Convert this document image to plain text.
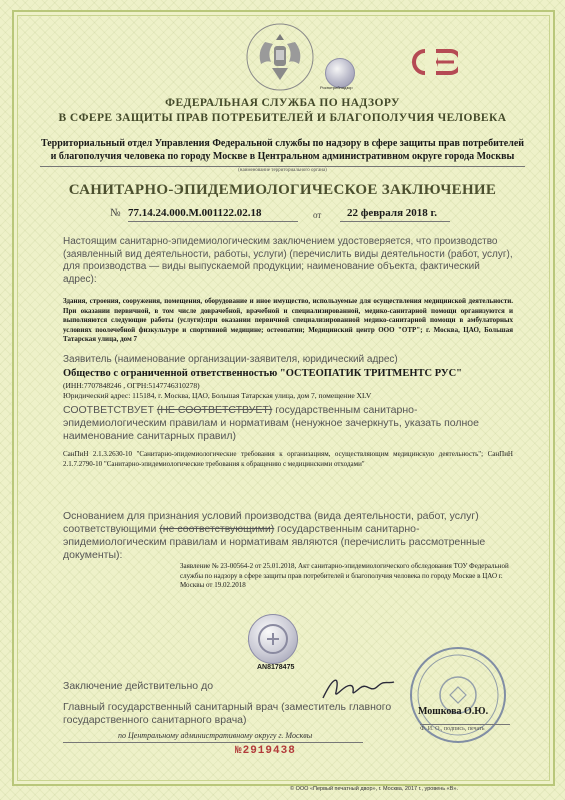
Роспотребнадзор
ФЕДЕРАЛЬНАЯ СЛУЖБА ПО НАДЗОРУ
В СФЕРЕ ЗАЩИТЫ ПРАВ ПОТРЕБИТЕЛЕЙ И БЛАГОПОЛУЧИЯ ЧЕЛОВЕКА
Территориальный отдел Управления Федеральной службы по надзору в сфере защиты прав потребителей и благополучия человека по городу Москве в Центральном административном округе города Москвы
(наименование территориального органа)
САНИТАРНО-ЭПИДЕМИОЛОГИЧЕСКОЕ ЗАКЛЮЧЕНИЕ
№ 77.14.24.000.М.001122.02.18	от 22 февраля 2018 г.
Настоящим санитарно-эпидемиологическим заключением удостоверяется, что производство (заявленный вид деятельности, работы, услуги) (перечислить виды деятельности (работ, услуг), для производства — виды выпускаемой продукции; наименование объекта, фактический адрес):
Здания, строения, сооружения, помещения, оборудование и иное имущество, используемые для осуществления медицинской деятельности. При оказании первичной, в том числе доврачебной, врачебной и специализированной, медико-санитарной помощи организуются и выполняются следующие работы (услуги):при оказании первичной специализированной медико-санитарной помощи в амбулаторных условиях поолечебной физкультуре и спортивной медицине; остеопатии; Медицинский центр ООО "ОТР"; г. Москва, ЦАО, Большая Татарская улица, дом 7
Заявитель (наименование организации-заявителя, юридический адрес)
Общество с ограниченной ответственностью "ОСТЕОПАТИК ТРИТМЕНТС РУС"
(ИНН:7707848246 , ОГРН:5147746310278)
Юридический адрес: 115184, г. Москва, ЦАО, Большая Татарская улица, дом 7, помещение XLV
СООТВЕТСТВУЕТ (НЕ СООТВЕТСТВУЕТ) государственным санитарно-эпидемиологическим правилам и нормативам (ненужное зачеркнуть, указать полное наименование санитарных правил)
СанПиН 2.1.3.2630-10 "Санитарно-эпидемиологические требования к организациям, осуществляющим медицинскую деятельность"; СанПиН 2.1.7.2790-10 "Санитарно-эпидемиологические требования к обращению с медицинскими отходами"
Основанием для признания условий производства (вида деятельности, работ, услуг) соответствующими (не соответствующими) государственным санитарно-эпидемиологическим правилам и нормативам являются (перечислить рассмотренные документы):
Заявление № 23-00564-2 от 25.01.2018, Акт санитарно-эпидемиологического обследования ТОУ Федеральной службы по надзору в сфере защиты прав потребителей и благополучия человека по городу Москве в ЦАО г. Москвы от 19.02.2018
AN8178475
Заключение действительно до
Главный государственный санитарный врач (заместитель главного государственного санитарного врача)
по Центральному административному округу г. Москвы
№2919438
Мошкова О.Ю.
Ф. И. О., подпись, печать
© ООО «Первый печатный двор», г. Москва, 2017 г., уровень «В».
